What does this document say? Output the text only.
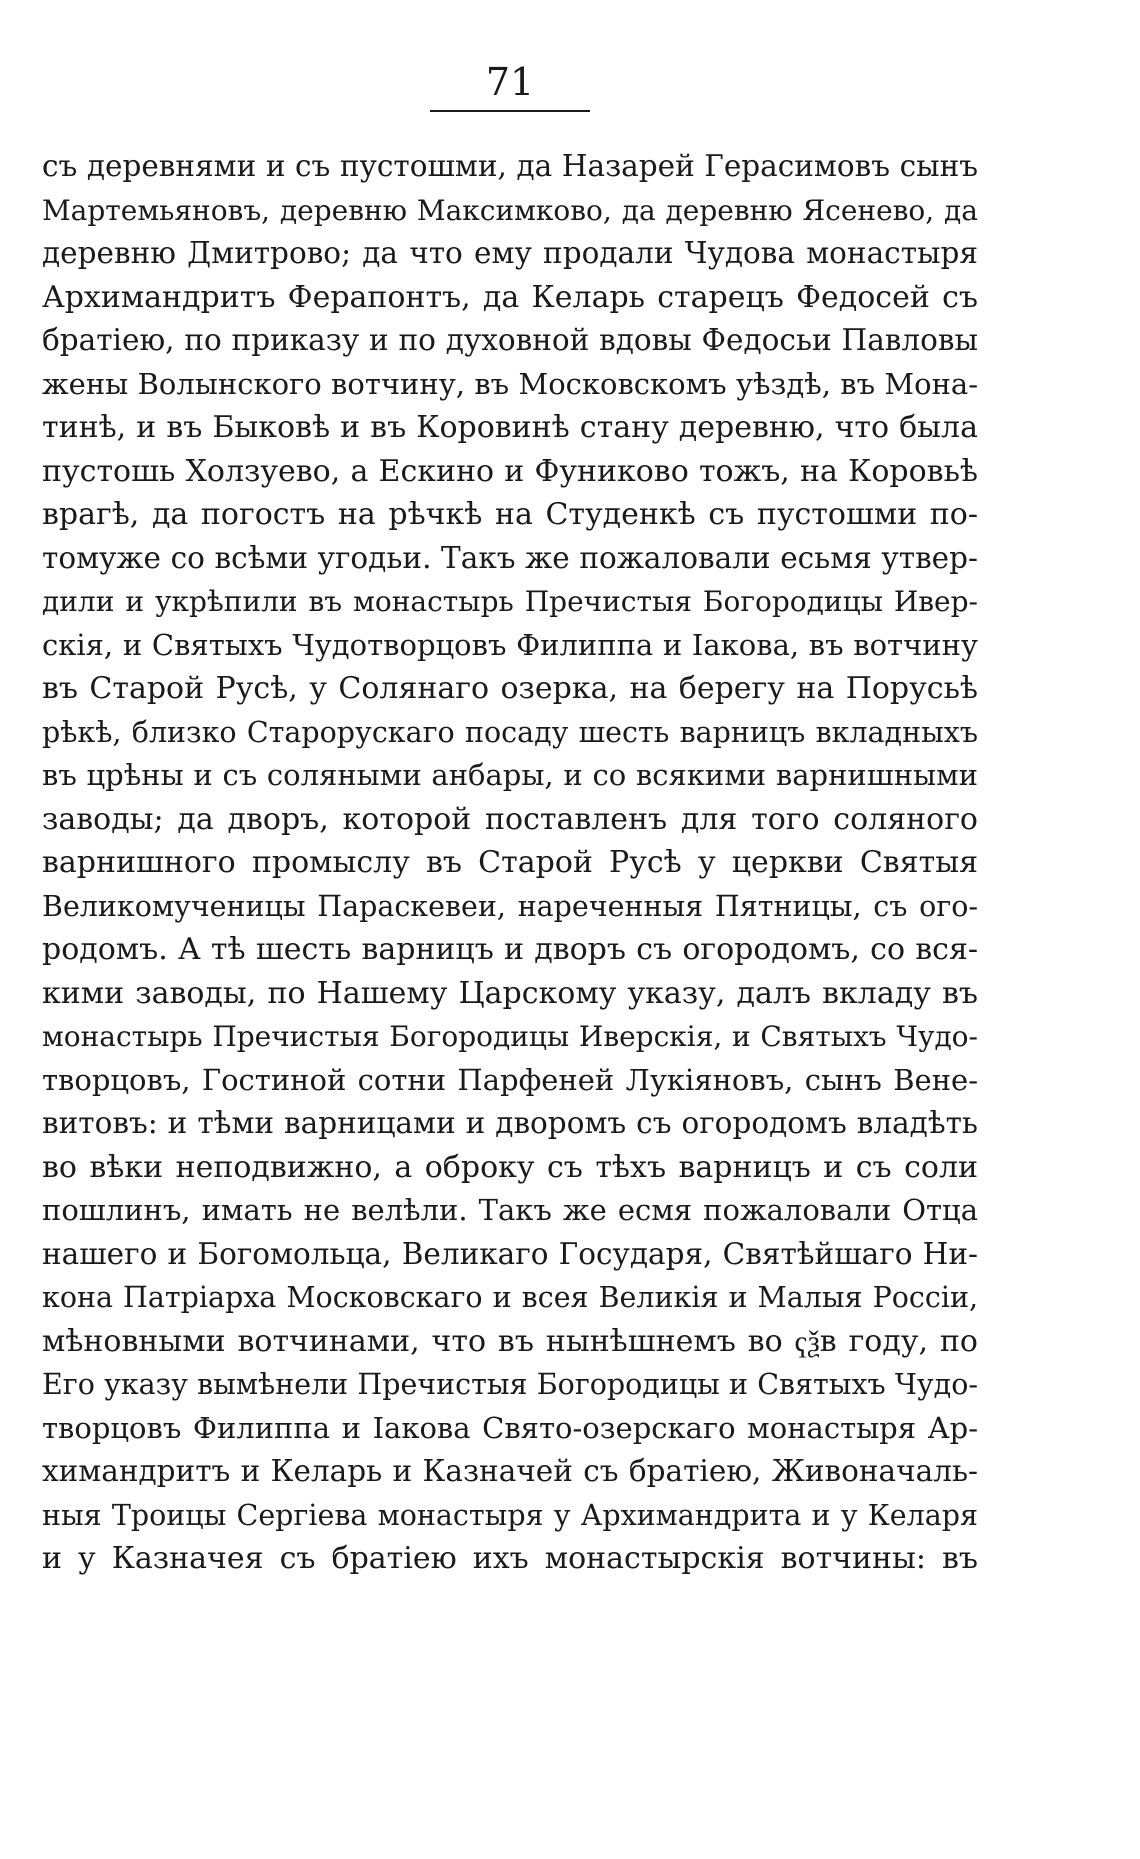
71
съ деревнями и съ пустошми, да Назарей Герасимовъ сынъ
Мартемьяновъ, деревню Максимково, да деревню Ясенево, да
деревню Дмитрово; да что ему продали Чудова монастыря
Архимандритъ Ферапонтъ, да Келарь старецъ Федосей съ
братiею, по приказу и по духовной вдовы Федосьи Павловы
жены Волынского вотчину, въ Московскомъ уѣздѣ, въ Мона-
тинѣ, и въ Быковѣ и въ Коровинѣ стану деревню, что была
пустошь Холзуево, а Ескино и Фуниково тожъ, на Коровьѣ
врагѣ, да погостъ на рѣчкѣ на Студенкѣ съ пустошми по-
томуже со всѣми угодьи. Такъ же пожаловали есьмя утвер-
дили и укрѣпили въ монастырь Пречистыя Богородицы Ивер-
скiя, и Святыхъ Чудотворцовъ Филиппа и Iакова, въ вотчину
въ Старой Русѣ, у Солянаго озерка, на берегу на Порусьѣ
рѣкѣ, близко Старорускаго посаду шесть варницъ вкладныхъ
въ црѣны и съ соляными анбары, и со всякими варнишными
заводы; да дворъ, которой поставленъ для того соляного
варнишного промыслу въ Старой Русѣ у церкви Святыя
Великомученицы Параскевеи, нареченныя Пятницы, съ ого-
родомъ. А тѣ шесть варницъ и дворъ съ огородомъ, со вся-
кими заводы, по Нашему Царскому указу, далъ вкладу въ
монастырь Пречистыя Богородицы Иверскiя, и Святыхъ Чудо-
творцовъ, Гостиной сотни Парфеней Лукiяновъ, сынъ Вене-
витовъ: и тѣми варницами и дворомъ съ огородомъ владѣть
во вѣки неподвижно, а оброку съ тѣхъ варницъ и съ соли
пошлинъ, имать не велѣли. Такъ же есмя пожаловали Отца
нашего и Богомольца, Великаго Государя, Святѣйшаго Ни-
кона Патрiарха Московскаго и всея Великiя и Малыя Россiи,
мѣновными вотчинами, что въ нынѣшнемъ во ҁѯв году, по
Его указу вымѣнели Пречистыя Богородицы и Святыхъ Чудо-
творцовъ Филиппа и Iакова Свято-озерскаго монастыря Ар-
химандритъ и Келарь и Казначей съ братiею, Живоначаль-
ныя Троицы Сергiева монастыря у Архимандрита и у Келаря
и у Казначея съ братiею ихъ монастырскiя вотчины: въ
